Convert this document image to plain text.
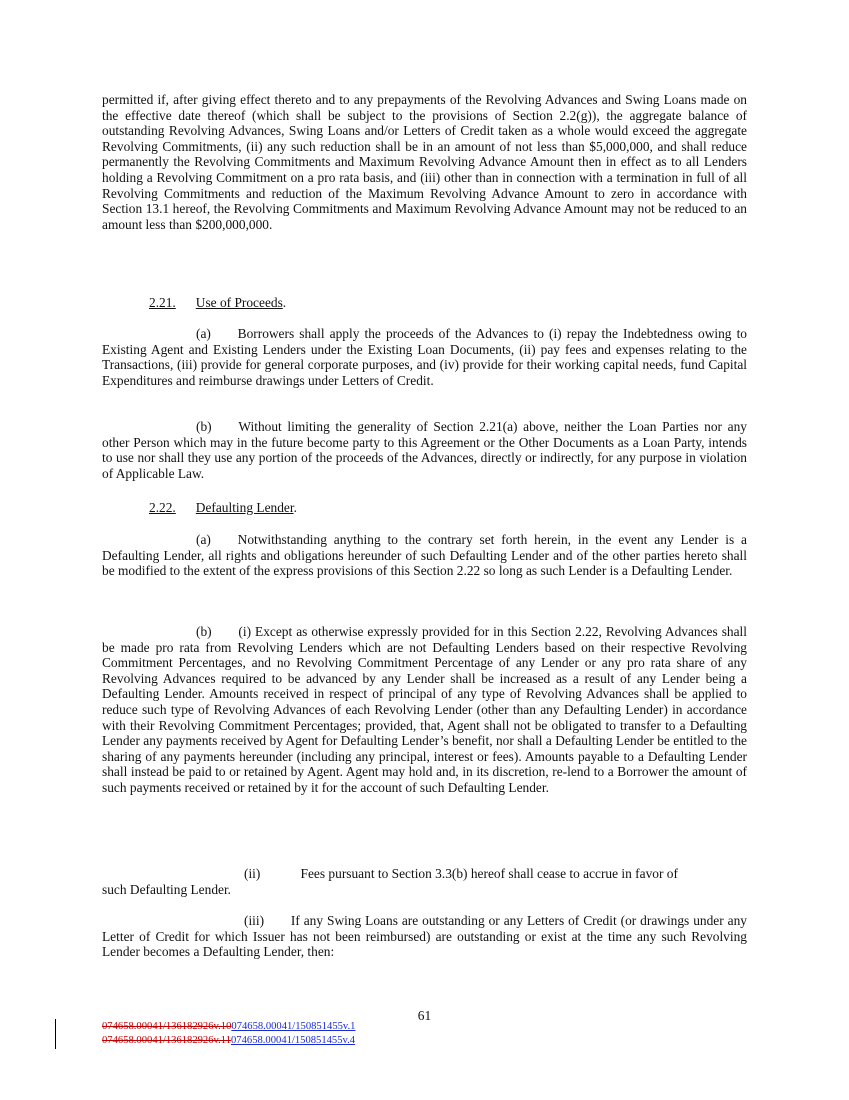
permitted if, after giving effect thereto and to any prepayments of the Revolving Advances and Swing Loans made on the effective date thereof (which shall be subject to the provisions of Section 2.2(g)), the aggregate balance of outstanding Revolving Advances, Swing Loans and/or Letters of Credit taken as a whole would exceed the aggregate Revolving Commitments, (ii) any such reduction shall be in an amount of not less than $5,000,000, and shall reduce permanently the Revolving Commitments and Maximum Revolving Advance Amount then in effect as to all Lenders holding a Revolving Commitment on a pro rata basis, and (iii) other than in connection with a termination in full of all Revolving Commitments and reduction of the Maximum Revolving Advance Amount to zero in accordance with Section 13.1 hereof, the Revolving Commitments and Maximum Revolving Advance Amount may not be reduced to an amount less than $200,000,000.

2.21. Use of Proceeds.

(a)  Borrowers shall apply the proceeds of the Advances to (i) repay the Indebtedness owing to Existing Agent and Existing Lenders under the Existing Loan Documents, (ii) pay fees and expenses relating to the Transactions, (iii) provide for general corporate purposes, and (iv) provide for their working capital needs, fund Capital Expenditures and reimburse drawings under Letters of Credit.

(b)  Without limiting the generality of Section 2.21(a) above, neither the Loan Parties nor any other Person which may in the future become party to this Agreement or the Other Documents as a Loan Party, intends to use nor shall they use any portion of the proceeds of the Advances, directly or indirectly, for any purpose in violation of Applicable Law.

2.22. Defaulting Lender.

(a)  Notwithstanding anything to the contrary set forth herein, in the event any Lender is a Defaulting Lender, all rights and obligations hereunder of such Defaulting Lender and of the other parties hereto shall be modified to the extent of the express provisions of this Section 2.22 so long as such Lender is a Defaulting Lender.

(b)  (i) Except as otherwise expressly provided for in this Section 2.22, Revolving Advances shall be made pro rata from Revolving Lenders which are not Defaulting Lenders based on their respective Revolving Commitment Percentages, and no Revolving Commitment Percentage of any Lender or any pro rata share of any Revolving Advances required to be advanced by any Lender shall be increased as a result of any Lender being a Defaulting Lender. Amounts received in respect of principal of any type of Revolving Advances shall be applied to reduce such type of Revolving Advances of each Revolving Lender (other than any Defaulting Lender) in accordance with their Revolving Commitment Percentages; provided, that, Agent shall not be obligated to transfer to a Defaulting Lender any payments received by Agent for Defaulting Lender’s benefit, nor shall a Defaulting Lender be entitled to the sharing of any payments hereunder (including any principal, interest or fees). Amounts payable to a Defaulting Lender shall instead be paid to or retained by Agent. Agent may hold and, in its discretion, re-lend to a Borrower the amount of such payments received or retained by it for the account of such Defaulting Lender.

(ii)   Fees pursuant to Section 3.3(b) hereof shall cease to accrue in favor of

such Defaulting Lender.

(iii)  If any Swing Loans are outstanding or any Letters of Credit (or drawings under any Letter of Credit for which Issuer has not been reimbursed) are outstanding or exist at the time any such Revolving Lender becomes a Defaulting Lender, then:

61
074658.00041/136182926v.10074658.00041/150851455v.1
074658.00041/136182926v.11074658.00041/150851455v.4
